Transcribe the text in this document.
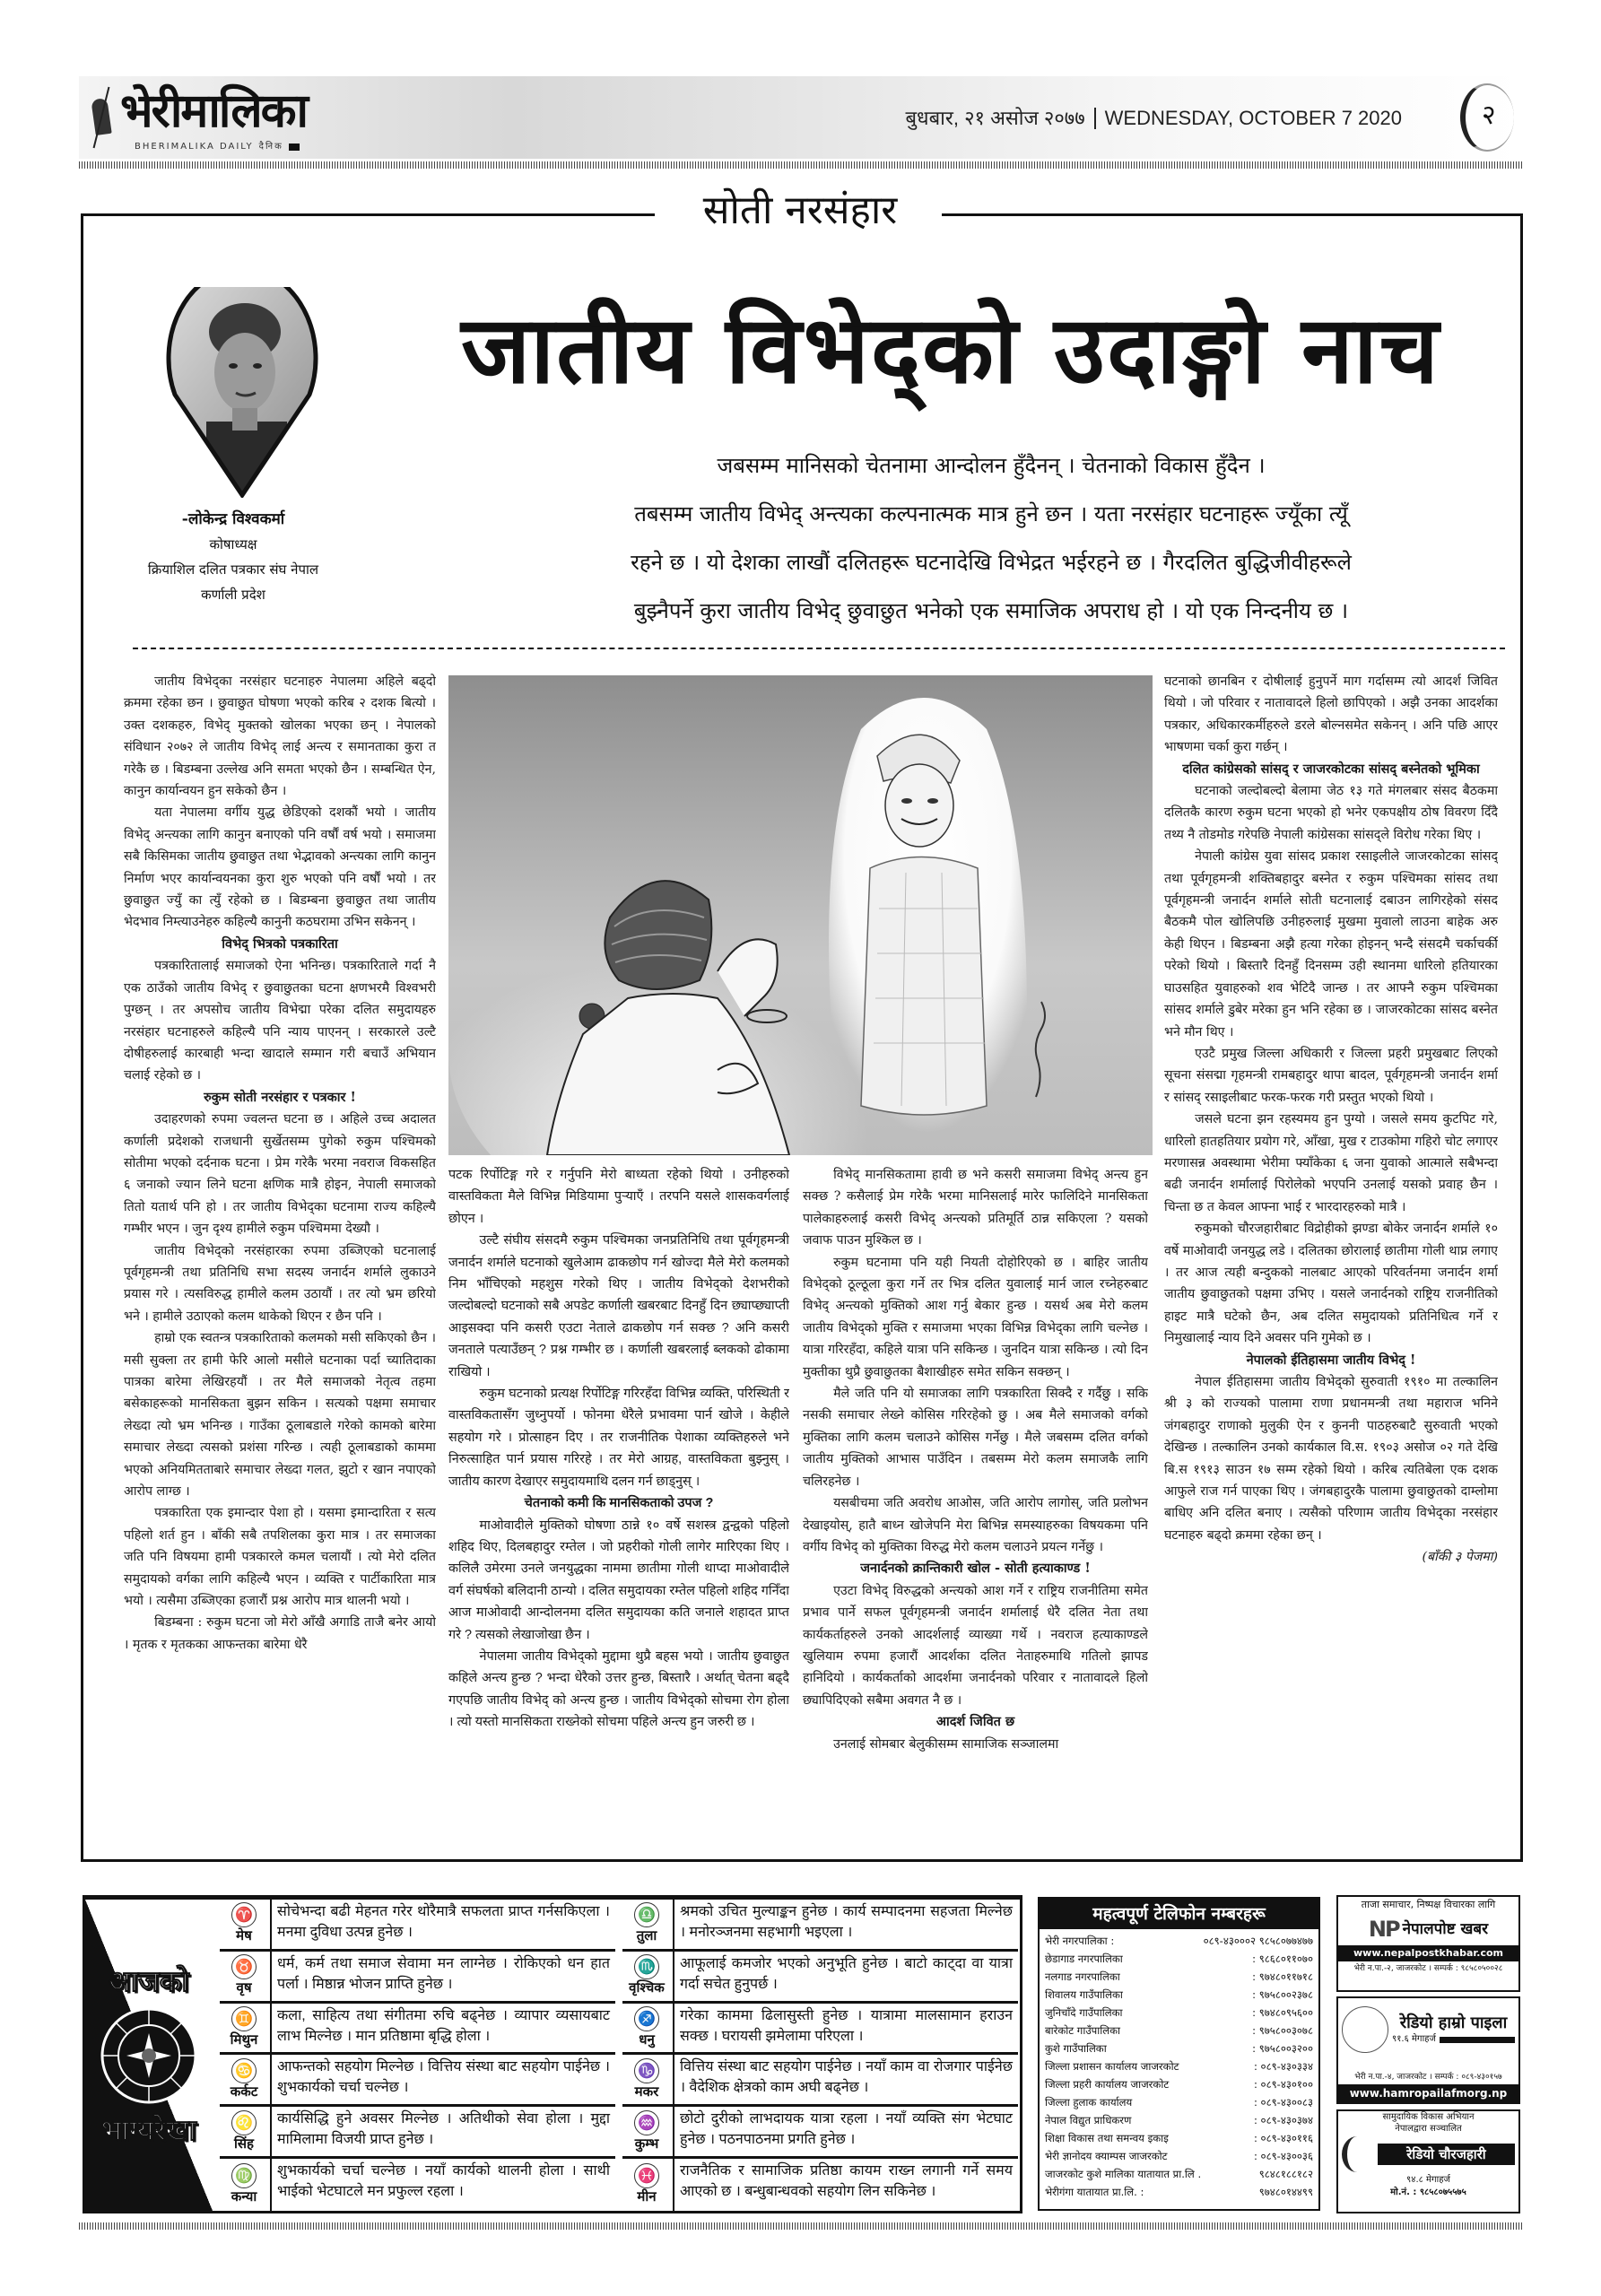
भेरीमालिका
BHERIMALIKA DAILY दैनिक
बुधबार, २१ असोज २०७७ WEDNESDAY, OCTOBER 7 2020	२
सोती नरसंहार
-लोकेन्द्र विश्वकर्मा
कोषाध्यक्ष
क्रियाशिल दलित पत्रकार संघ नेपाल
कर्णाली प्रदेश
जातीय विभेद्को उदाङ्गो नाच

जबसम्म मानिसको चेतनामा आन्दोलन हुँदैनन् । चेतनाको विकास हुँदैन ।

तबसम्म जातीय विभेद् अन्त्यका कल्पनात्मक मात्र हुने छन । यता नरसंहार घटनाहरू ज्यूँका त्यूँ

रहने छ । यो देशका लाखौं दलितहरू घटनादेखि विभेद्रत भईरहने छ । गैरदलित बुद्धिजीवीहरूले

बुझ्नैपर्ने कुरा जातीय विभेद् छुवाछुत भनेको एक समाजिक अपराध हो । यो एक निन्दनीय छ ।

जातीय विभेद्का नरसंहार घटनाहरु नेपालमा अहिले बढ्दो क्रममा रहेका छन । छुवाछुत घोषणा भएको करिब २ दशक बित्यो । उक्त दशकहरु, विभेद् मुक्तको खोलका भएका छन् । नेपालको संविधान २०७२ ले जातीय विभेद् लाई अन्त्य र समानताका कुरा त गरेकै छ । बिडम्बना उल्लेख अनि समता भएको छैन । सम्बन्धित ऐन, कानुन कार्यान्वयन हुन सकेको छैन ।

यता नेपालमा वर्गीय युद्ध छेडिएको दशकौं भयो । जातीय विभेद् अन्त्यका लागि कानुन बनाएको पनि वर्षौं वर्ष भयो । समाजमा सबै किसिमका जातीय छुवाछुत तथा भेद्भावको अन्त्यका लागि कानुन निर्माण भएर कार्यान्वयनका कुरा शुरु भएको पनि वर्षौं भयो । तर छुवाछुत ज्युँ का त्युँ रहेको छ । बिडम्बना छुवाछुत तथा जातीय भेदभाव निम्त्याउनेहरु कहिल्यै कानुनी कठघरामा उभिन सकेनन् ।

विभेद् भित्रको पत्रकारिता

पत्रकारितालाई समाजको ऐना भनिन्छ। पत्रकारिताले गर्दा नै एक ठाउँको जातीय विभेद् र छुवाछुतका घटना क्षणभरमै विश्वभरी पुग्छन् । तर अपसोच जातीय विभेद्मा परेका दलित समुदायहरु नरसंहार घटनाहरुले कहिल्यै पनि न्याय पाएनन् । सरकारले उल्टै दोषीहरुलाई कारबाही भन्दा खादाले सम्मान गरी बचाउँ अभियान चलाई रहेको छ ।

रुकुम सोती नरसंहार र पत्रकार !

उदाहरणको रुपमा ज्वलन्त घटना छ । अहिले उच्च अदालत कर्णाली प्रदेशको राजधानी सुर्खेतसम्म पुगेको रुकुम पश्चिमको सोतीमा भएको दर्दनाक घटना । प्रेम गरेकै भरमा नवराज विकसहित ६ जनाको ज्यान लिने घटना क्षणिक मात्रै होइन, नेपाली समाजको तितो यतार्थ पनि हो । तर जातीय विभेद्का घटनामा राज्य कहिल्यै गम्भीर भएन । जुन दृश्य हामीले रुकुम पश्चिममा देख्यौ ।

जातीय विभेद्को नरसंहारका रुपमा उब्जिएको घटनालाई पूर्वगृहमन्त्री तथा प्रतिनिधि सभा सदस्य जनार्दन शर्माले लुकाउने प्रयास गरे । त्यसविरुद्ध हामीले कलम उठायौं । तर त्यो भ्रम छरियो भने । हामीले उठाएको कलम थाकेको थिएन र छैन पनि ।

हाम्रो एक स्वतन्त्र पत्रकारिताको कलमको मसी सकिएको छैन । मसी सुक्ला तर हामी फेरि आलो मसीले घटनाका पर्दा च्यातिदाका पात्रका बारेमा लेखिरहयौं । तर मैले समाजको नेतृत्व तहमा बसेकाहरूको मानसिकता बुझन सकिन । सत्यको पक्षमा समाचार लेख्दा त्यो भ्रम भनिन्छ । गाउँका ठूलाबडाले गरेको कामको बारेमा समाचार लेख्दा त्यसको प्रशंसा गरिन्छ । त्यही ठूलाबडाको काममा भएको अनियमितताबारे समाचार लेख्दा गलत, झुटो र खान नपाएको आरोप लाग्छ ।

पत्रकारिता एक इमान्दार पेशा हो । यसमा इमान्दारिता र सत्य पहिलो शर्त हुन । बाँकी सबै तपशिलका कुरा मात्र । तर समाजका जति पनि विषयमा हामी पत्रकारले कमल चलायौं । त्यो मेरो दलित समुदायको वर्गका लागि कहिल्यै भएन । व्यक्ति र पार्टीकारिता मात्र भयो । त्यसैमा उब्जिएका हजारौं प्रश्न आरोप मात्र थालनी भयो ।

बिडम्बना : रुकुम घटना जो मेरो आँखै अगाडि ताजै बनेर आयो । मृतक र मृतकका आफन्तका बारेमा धेरै

पटक रिर्पोटिङ्ग गरे र गर्नुपनि मेरो बाध्यता रहेको थियो । उनीहरुको वास्तविकता मैले विभिन्न मिडियामा पुऱ्याएँ । तरपनि यसले शासकवर्गलाई छोएन ।

उल्टै संघीय संसदमै रुकुम पश्चिमका जनप्रतिनिधि तथा पूर्वगृहमन्त्री जनार्दन शर्माले घटनाको खुलेआम ढाकछोप गर्न खोज्दा मैले मेरो कलमको निम भाँचिएको महशुस गरेको थिए । जातीय विभेद्को देशभरीको जल्दोबल्दो घटनाको सबै अपडेट कर्णाली खबरबाट दिनहुँ दिन छ्याप्छ्याप्ती आइसक्दा पनि कसरी एउटा नेताले ढाकछोप गर्न सक्छ ? अनि कसरी जनताले पत्याउँछन् ? प्रश्न गम्भीर छ । कर्णाली खबरलाई ब्लकको ढोकामा राखियो ।

रुकुम घटनाको प्रत्यक्ष रिर्पोटिङ्ग गरिरहँदा विभिन्न व्यक्ति, परिस्थिती र वास्तविकतासँग जुध्नुपर्यो । फोनमा धेरैले प्रभावमा पार्न खोजे । केहीले सहयोग गरे । प्रोत्साहन दिए । तर राजनीतिक पेशाका व्यक्तिहरुले भने निरुत्साहित पार्न प्रयास गरिरहे । तर मेरो आग्रह, वास्तविकता बुझ्नुस् । जातीय कारण देखाएर समुदायमाथि दलन गर्न छाड्नुस् ।

चेतनाको कमी कि मानसिकताको उपज ?

माओवादीले मुक्तिको घोषणा ठान्ने १० वर्षे सशस्त्र द्वन्द्वको पहिलो शहिद थिए, दिलबहादुर रम्तेल । जो प्रहरीको गोली लागेर मारिएका थिए । कलिलै उमेरमा उनले जनयुद्धका नाममा छातीमा गोली थाप्दा माओवादीले वर्ग संघर्षको बलिदानी ठान्यो । दलित समुदायका रम्तेल पहिलो शहिद गनिँदा आज माओवादी आन्दोलनमा दलित समुदायका कति जनाले शहादत प्राप्त गरे ? त्यसको लेखाजोखा छैन ।

नेपालमा जातीय विभेद्को मुद्दामा थुप्रै बहस भयो । जातीय छुवाछुत कहिले अन्त्य हुन्छ ? भन्दा धेरैको उत्तर हुन्छ, बिस्तारै । अर्थात् चेतना बढ्दै गएपछि जातीय विभेद् को अन्त्य हुन्छ । जातीय विभेद्को सोचमा रोग होला । त्यो यस्तो मानसिकता राख्नेको सोचमा पहिले अन्त्य हुन जरुरी छ ।

विभेद् मानसिकतामा हावी छ भने कसरी समाजमा विभेद् अन्त्य हुन सक्छ ? कसैलाई प्रेम गरेकै भरमा मानिसलाई मारेर फालिदिने मानसिकता पालेकाहरुलाई कसरी विभेद् अन्त्यको प्रतिमूर्ति ठान्न सकिएला ? यसको जवाफ पाउन मुश्किल छ ।

रुकुम घटनामा पनि यही नियती दोहोरिएको छ । बाहिर जातीय विभेद्को ठूल्ठूला कुरा गर्ने तर भित्र दलित युवालाई मार्न जाल रच्नेहरुबाट विभेद् अन्त्यको मुक्तिको आश गर्नु बेकार हुन्छ । यसर्थ अब मेरो कलम जातीय विभेद्को मुक्ति र समाजमा भएका विभिन्न विभेद्का लागि चल्नेछ । यात्रा गरिरहँदा, कहिले यात्रा पनि सकिन्छ । जुनदिन यात्रा सकिन्छ । त्यो दिन मुक्तीका थुप्रै छुवाछुतका बैशाखीहरु समेत सकिन सक्छन् ।

मैले जति पनि यो समाजका लागि पत्रकारिता सिक्दै र गर्दैछु । सकि नसकी समाचार लेख्ने कोसिस गरिरहेको छु । अब मैले समाजको वर्गको मुक्तिका लागि कलम चलाउने कोसिस गर्नेछु । मैले जबसम्म दलित वर्गको जातीय मुक्तिको आभास पाउँदिन । तबसम्म मेरो कलम समाजकै लागि चलिरहनेछ ।

यसबीचमा जति अवरोध आओस, जति आरोप लागोस्, जति प्रलोभन देखाइयोस्, हातै बाध्न खोजेपनि मेरा बिभिन्न समस्याहरुका विषयकमा पनि वर्गीय विभेद् को मुक्तिका विरुद्ध मेरो कलम चलाउने प्रयत्न गर्नेछु ।

जनार्दनको क्रान्तिकारी खोल - सोती हत्याकाण्ड !

एउटा विभेद् विरुद्धको अन्त्यको आश गर्ने र राष्ट्रिय राजनीतिमा समेत प्रभाव पार्ने सफल पूर्वगृहमन्त्री जनार्दन शर्मालाई धेरै दलित नेता तथा कार्यकर्ताहरुले उनको आदर्शलाई व्याख्या गर्थे । नवराज हत्याकाण्डले खुलियाम रुपमा हजारौं आदर्शका दलित नेताहरुमाथि गतिलो झापड हानिदियो । कार्यकर्ताको आदर्शमा जनार्दनको परिवार र नातावादले हिलो छ्यापिदिएको सबैमा अवगत नै छ ।

आदर्श जिवित छ

उनलाई सोमबार बेलुकीसम्म सामाजिक सञ्जालमा

घटनाको छानबिन र दोषीलाई हुनुपर्ने माग गर्दासम्म त्यो आदर्श जिवित थियो । जो परिवार र नातावादले हिलो छापिएको । अझै उनका आदर्शका पत्रकार, अधिकारकर्मीहरुले डरले बोल्नसमेत सकेनन् । अनि पछि आएर भाषणमा चर्का कुरा गर्छन् ।

दलित कांग्रेसको सांसद् र जाजरकोटका सांसद् बस्नेतको भूमिका

घटनाको जल्दोबल्दो बेलामा जेठ १३ गते मंगलबार संसद बैठकमा दलितकै कारण रुकुम घटना भएको हो भनेर एकपक्षीय ठोष विवरण दिँदै तथ्य नै तोडमोड गरेपछि नेपाली कांग्रेसका सांसद्ले विरोध गरेका थिए ।

नेपाली कांग्रेस युवा सांसद प्रकाश रसाइलीले जाजरकोटका सांसद् तथा पूर्वगृहमन्त्री शक्तिबहादुर बस्नेत र रुकुम पश्चिमका सांसद तथा पूर्वगृहमन्त्री जनार्दन शर्माले सोती घटनालाई दबाउन लागिरहेको संसद बैठकमै पोल खोलिपछि उनीहरुलाई मुखमा मुवालो लाउना बाहेक अरु केही थिएन । बिडम्बना अझै हत्या गरेका होइनन् भन्दै संसदमै चर्काचर्की परेको थियो । बिस्तारै दिनहुँ दिनसम्म उही स्थानमा धारिलो हतियारका घाउसहित युवाहरुको शव भेटिदै जान्छ । तर आफ्नै रुकुम पश्चिमका सांसद शर्माले डुबेर मरेका हुन भनि रहेका छ । जाजरकोटका सांसद बस्नेत भने मौन थिए ।

एउटै प्रमुख जिल्ला अधिकारी र जिल्ला प्रहरी प्रमुखबाट लिएको सूचना संसद्मा गृहमन्त्री रामबहादुर थापा बादल, पूर्वगृहमन्त्री जनार्दन शर्मा र सांसद् रसाइलीबाट फरक-फरक गरी प्रस्तुत भएको थियो ।

जसले घटना झन रहस्यमय हुन पुग्यो । जसले समय कुटपिट गरे, धारिलो हातहतियार प्रयोग गरे, आँखा, मुख र टाउकोमा गहिरो चोट लगाएर मरणासन्न अवस्थामा भेरीमा फ्याँकेका ६ जना युवाको आत्माले सबैभन्दा बढी जनार्दन शर्मालाई पिरोलेको भएपनि उनलाई यसको प्रवाह छैन । चिन्ता छ त केवल आफ्ना भाई र भारदारहरुको मात्रै ।

रुकुमको चौरजहारीबाट विद्रोहीको झण्डा बोकेर जनार्दन शर्माले १० वर्षे माओवादी जनयुद्ध लडे । दलितका छोरालाई छातीमा गोली थाप्न लगाए । तर आज त्यही बन्दुकको नालबाट आएको परिवर्तनमा जनार्दन शर्मा जातीय छुवाछुतको पक्षमा उभिए । यसले जनार्दनको राष्ट्रिय राजनीतिको हाइट मात्रै घटेको छैन, अब दलित समुदायको प्रतिनिधित्व गर्ने र निमुखालाई न्याय दिने अवसर पनि गुमेको छ ।

नेपालको ईतिहासमा जातीय विभेद् !

नेपाल ईतिहासमा जातीय विभेद्को सुरुवाती १९१० मा तल्कालिन श्री ३ को राज्यको पालामा राणा प्रधानमन्त्री तथा महाराज भनिने जंगबहादुर राणाको मुलुकी ऐन र कुननी पाठहरुबाटै सुरुवाती भएको देखिन्छ । तल्कालिन उनको कार्यकाल वि.स. १९०३ असोज ०२ गते देखि बि.स १९१३ साउन १७ सम्म रहेको थियो । करिब त्यतिबेला एक दशक आफुले राज गर्न पाएका थिए । जंगबहादुरकै पालामा छुवाछुतको दाम्लोमा बाधिए अनि दलित बनाए । त्यसैको परिणाम जातीय विभेद्का नरसंहार घटनाहरु बढ्दो क्रममा रहेका छन् ।

(बाँकी ३ पेजमा)

आजको
भाग्यरेखा
♈
मेष
सोचेभन्दा बढी मेहनत गरेर थोरैमात्रै सफलता प्राप्त गर्नसकिएला । मनमा दुविधा उत्पन्न हुनेछ ।
♎
तुला
श्रमको उचित मुल्याङ्कन हुनेछ । कार्य सम्पादनमा सहजता मिल्नेछ । मनोरञ्जनमा सहभागी भइएला ।
♉
वृष
धर्म, कर्म तथा समाज सेवामा मन लाग्नेछ । रोकिएको धन हात पर्ला । मिष्ठान्न भोजन प्राप्ति हुनेछ ।
♏
वृश्चिक
आफूलाई कमजोर भएको अनुभूति हुनेछ । बाटो काट्दा वा यात्रा गर्दा सचेत हुनुपर्छ ।
♊
मिथुन
कला, साहित्य तथा संगीतमा रुचि बढ्नेछ । व्यापार व्यसायबाट लाभ मिल्नेछ । मान प्रतिष्ठामा बृद्धि होला ।
♐
धनु
गरेका काममा ढिलासुस्ती हुनेछ । यात्रामा मालसामान हराउन सक्छ । घरायसी झमेलामा परिएला ।
♋
कर्कट
आफन्तको सहयोग मिल्नेछ । वित्तिय संस्था बाट सहयोग पाईनेछ । शुभकार्यको चर्चा चल्नेछ ।
♑
मकर
वित्तिय संस्था बाट सहयोग पाईनेछ । नयाँ काम वा रोजगार पाईनेछ । वैदेशिक क्षेत्रको काम अघी बढ्नेछ ।
♌
सिंह
कार्यसिद्धि हुने अवसर मिल्नेछ । अतिथीको सेवा होला । मुद्दा मामिलामा विजयी प्राप्त हुनेछ ।
♒
कुम्भ
छोटो दुरीको लाभदायक यात्रा रहला । नयाँ व्यक्ति संग भेटघाट हुनेछ । पठनपाठनमा प्रगति हुनेछ ।
♍
कन्या
शुभकार्यको चर्चा चल्नेछ । नयाँ कार्यको थालनी होला । साथी भाईको भेटघाटले मन प्रफुल्ल रहला ।
♓
मीन
राजनैतिक र सामाजिक प्रतिष्ठा कायम राख्न लगानी गर्ने समय आएको छ । बन्धुबान्धवको सहयोग लिन सकिनेछ ।
महत्वपूर्ण टेलिफोन नम्बरहरू
भेरी नगरपालिका :	०८९-४३०००२ ९८५८०७७४७७
छेडागाड नगरपालिका	: ९८६८०११०७०
नलगाड नगरपालिका	: ९७४८०११७१८
शिवालय गाउँपालिका	: ९७५८००२३७८
जुनिचाँदे गाउँपालिका	: ९७४८०९५६००
बारेकोट गाउँपालिका	: ९७५८००३०७८
कुशे गाउँपालिका	: ९७५८००३२००
जिल्ला प्रशासन कार्यालय जाजरकोट	: ०८९-४३०३३४
जिल्ला प्रहरी कार्यालय जाजरकोट	: ०८९-४३०१००
जिल्ला हुलाक कार्यालय	: ०८९-४३००८३
नेपाल विद्युत प्राधिकरण	: ०८९-४३०३७४
शिक्षा विकास तथा समन्वय इकाइ	: ०८९-४३०११६
भेरी ज्ञानोदय क्याम्पस जाजरकोट	: ०८९-४३००३६
जाजरकोट कुशे मालिका यातायात प्रा.लि .	९८४८१८८१८२
भेरीगंगा यातायात प्रा.लि. :	९७४८०१४४९९
ताजा समाचार, निष्पक्ष विचारका लागि
NP नेपालपोष्ट खबर
www.nepalpostkhabar.com
भेरी न.पा.-२, जाजरकोट । सम्पर्क : ९८५८०५००२८
रेडियो हाम्रो पाइला
९१.६ मेगाहर्ज
भेरी न.पा.-४, जाजरकोट । सम्पर्क : ०८९-४३०१५७
www.hamropailafmorg.np
सामुदायिक विकास अभियान
नेपालद्वारा सञ्चालित
रेडियो चौरजहारी
९४.८ मेगाहर्ज
मो.नं. : ९८५८०७५५७५
